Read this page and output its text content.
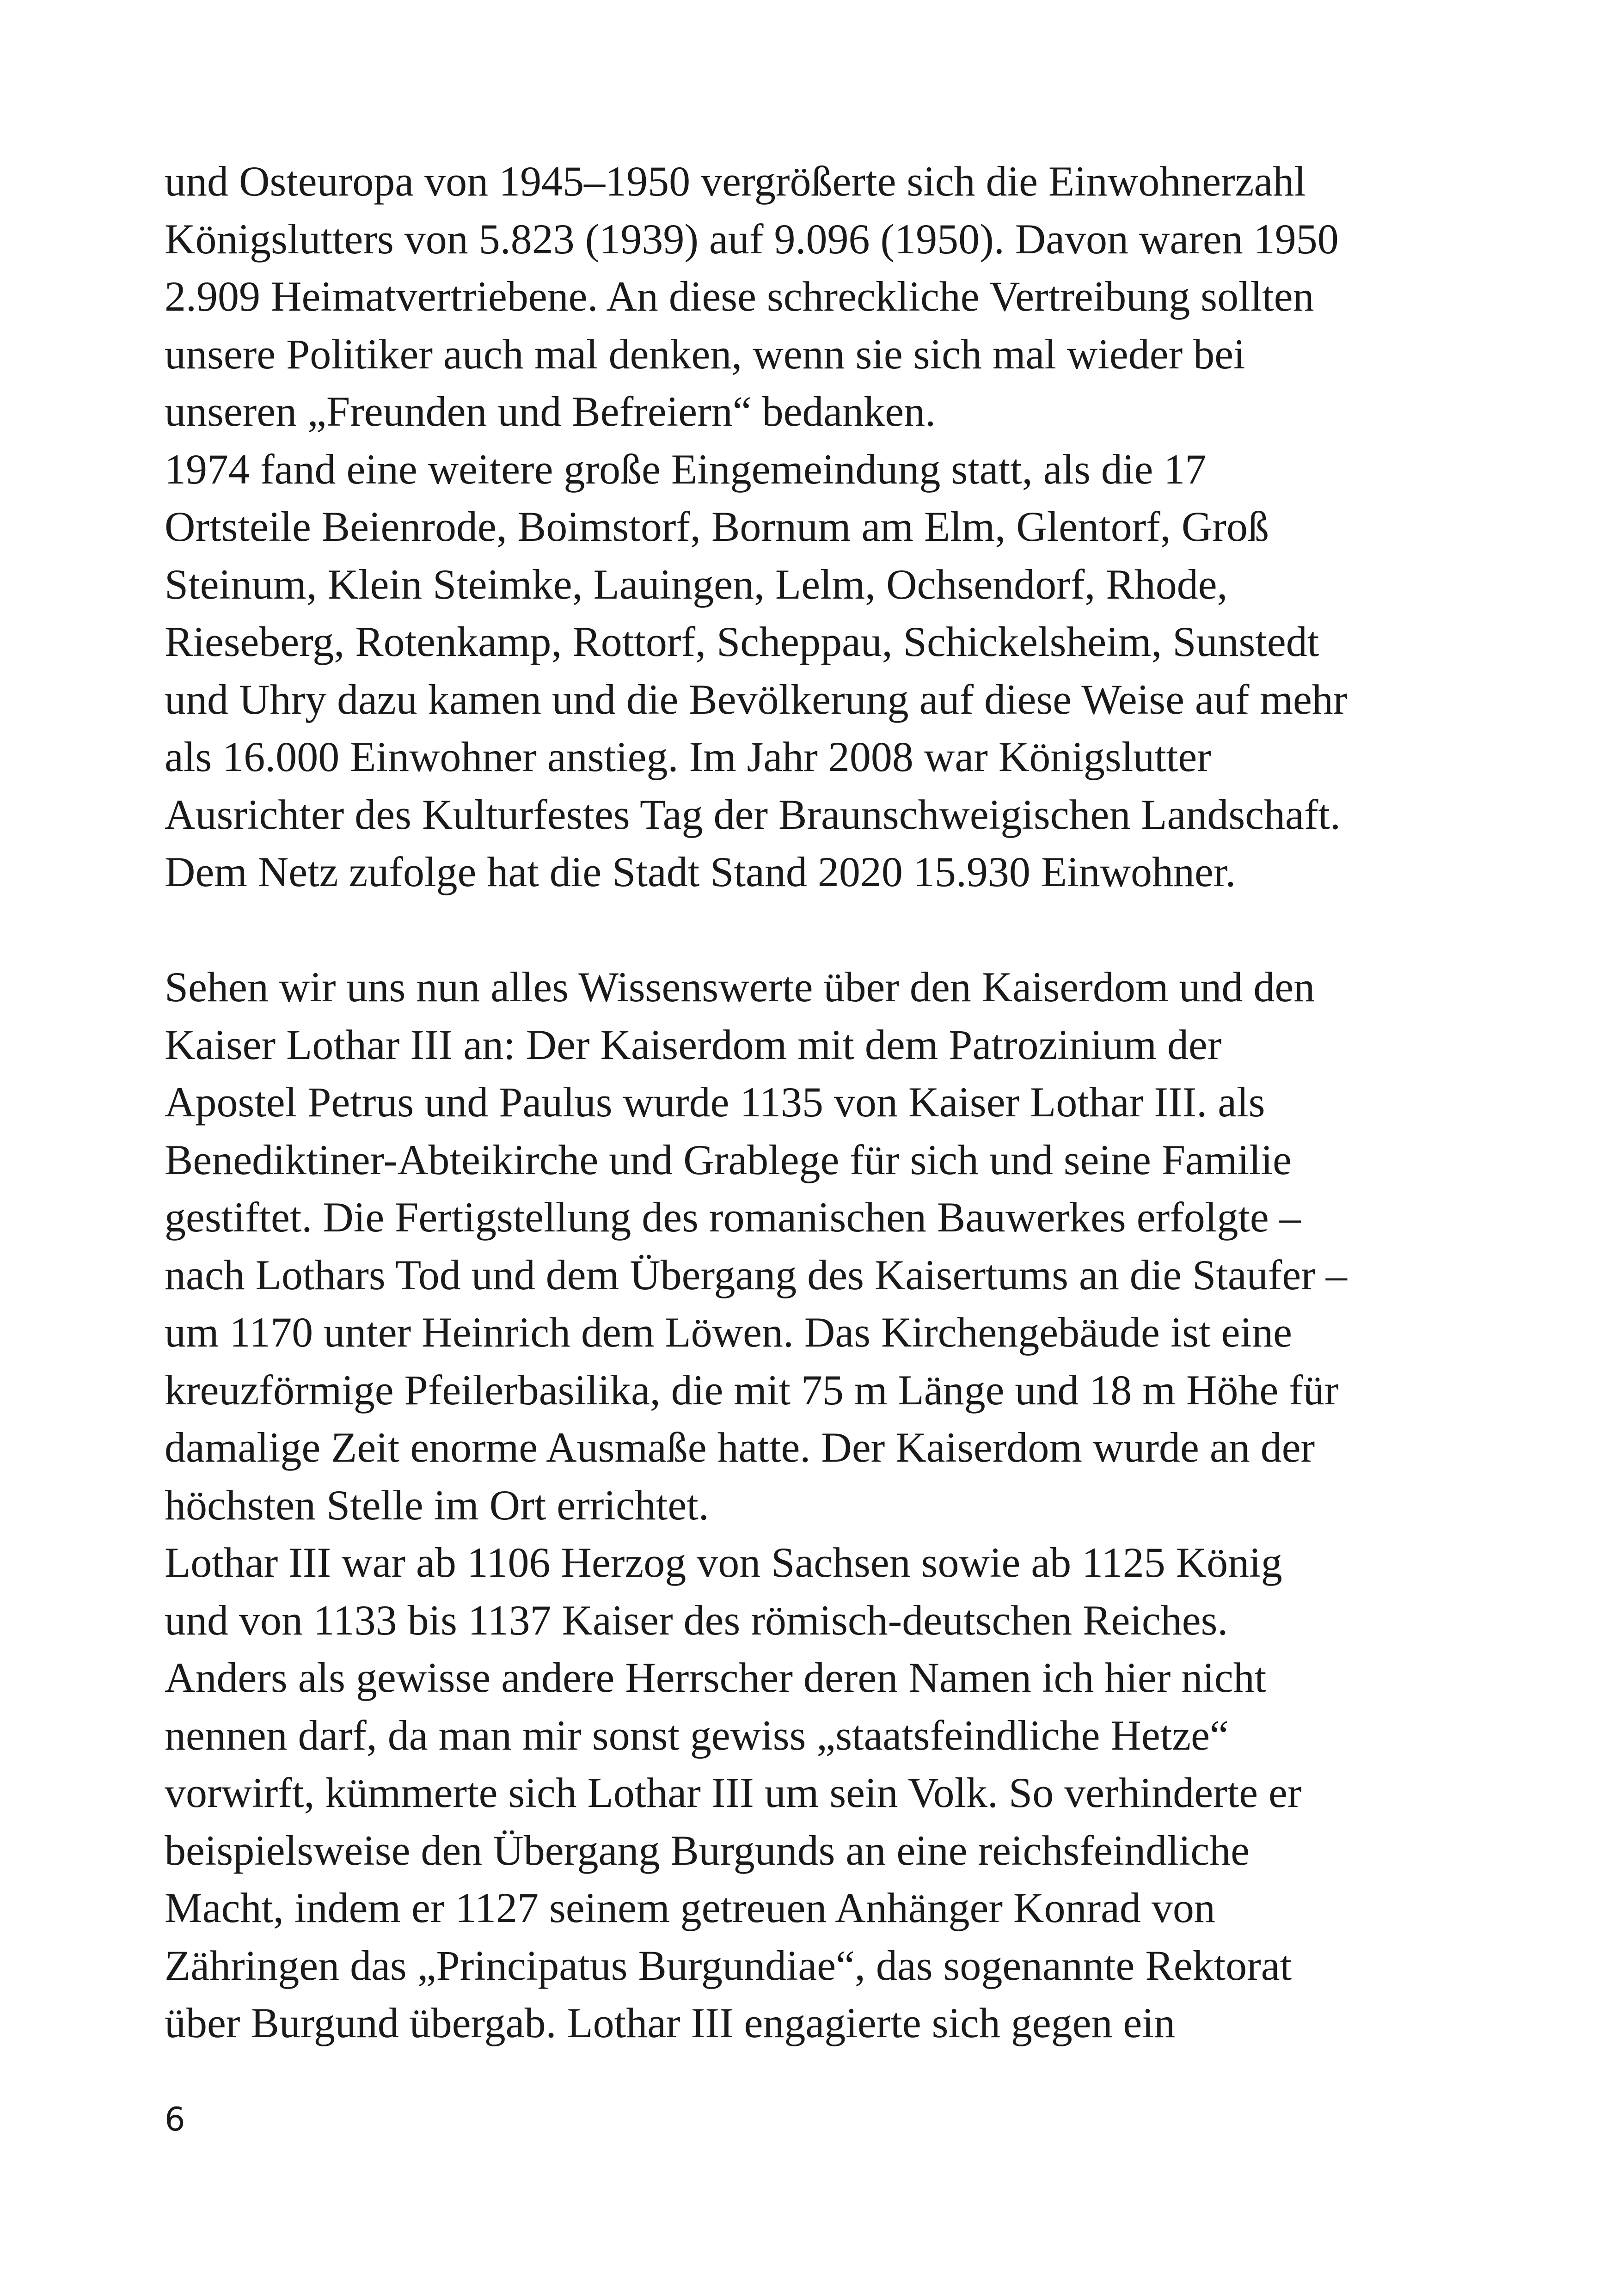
und Osteuropa von 1945–1950 vergrößerte sich die Einwohnerzahl
Königslutters von 5.823 (1939) auf 9.096 (1950). Davon waren 1950
2.909 Heimatvertriebene. An diese schreckliche Vertreibung sollten
unsere Politiker auch mal denken, wenn sie sich mal wieder bei
unseren „Freunden und Befreiern“ bedanken.
1974 fand eine weitere große Eingemeindung statt, als die 17
Ortsteile Beienrode, Boimstorf, Bornum am Elm, Glentorf, Groß
Steinum, Klein Steimke, Lauingen, Lelm, Ochsendorf, Rhode,
Rieseberg, Rotenkamp, Rottorf, Scheppau, Schickelsheim, Sunstedt
und Uhry dazu kamen und die Bevölkerung auf diese Weise auf mehr
als 16.000 Einwohner anstieg. Im Jahr 2008 war Königslutter
Ausrichter des Kulturfestes Tag der Braunschweigischen Landschaft.
Dem Netz zufolge hat die Stadt Stand 2020 15.930 Einwohner.
Sehen wir uns nun alles Wissenswerte über den Kaiserdom und den
Kaiser Lothar III an: Der Kaiserdom mit dem Patrozinium der
Apostel Petrus und Paulus wurde 1135 von Kaiser Lothar III. als
Benediktiner-Abteikirche und Grablege für sich und seine Familie
gestiftet. Die Fertigstellung des romanischen Bauwerkes erfolgte –
nach Lothars Tod und dem Übergang des Kaisertums an die Staufer –
um 1170 unter Heinrich dem Löwen. Das Kirchengebäude ist eine
kreuzförmige Pfeilerbasilika, die mit 75 m Länge und 18 m Höhe für
damalige Zeit enorme Ausmaße hatte. Der Kaiserdom wurde an der
höchsten Stelle im Ort errichtet.
Lothar III war ab 1106 Herzog von Sachsen sowie ab 1125 König
und von 1133 bis 1137 Kaiser des römisch-deutschen Reiches.
Anders als gewisse andere Herrscher deren Namen ich hier nicht
nennen darf, da man mir sonst gewiss „staatsfeindliche Hetze“
vorwirft, kümmerte sich Lothar III um sein Volk. So verhinderte er
beispielsweise den Übergang Burgunds an eine reichsfeindliche
Macht, indem er 1127 seinem getreuen Anhänger Konrad von
Zähringen das „Principatus Burgundiae“, das sogenannte Rektorat
über Burgund übergab. Lothar III engagierte sich gegen ein
6
